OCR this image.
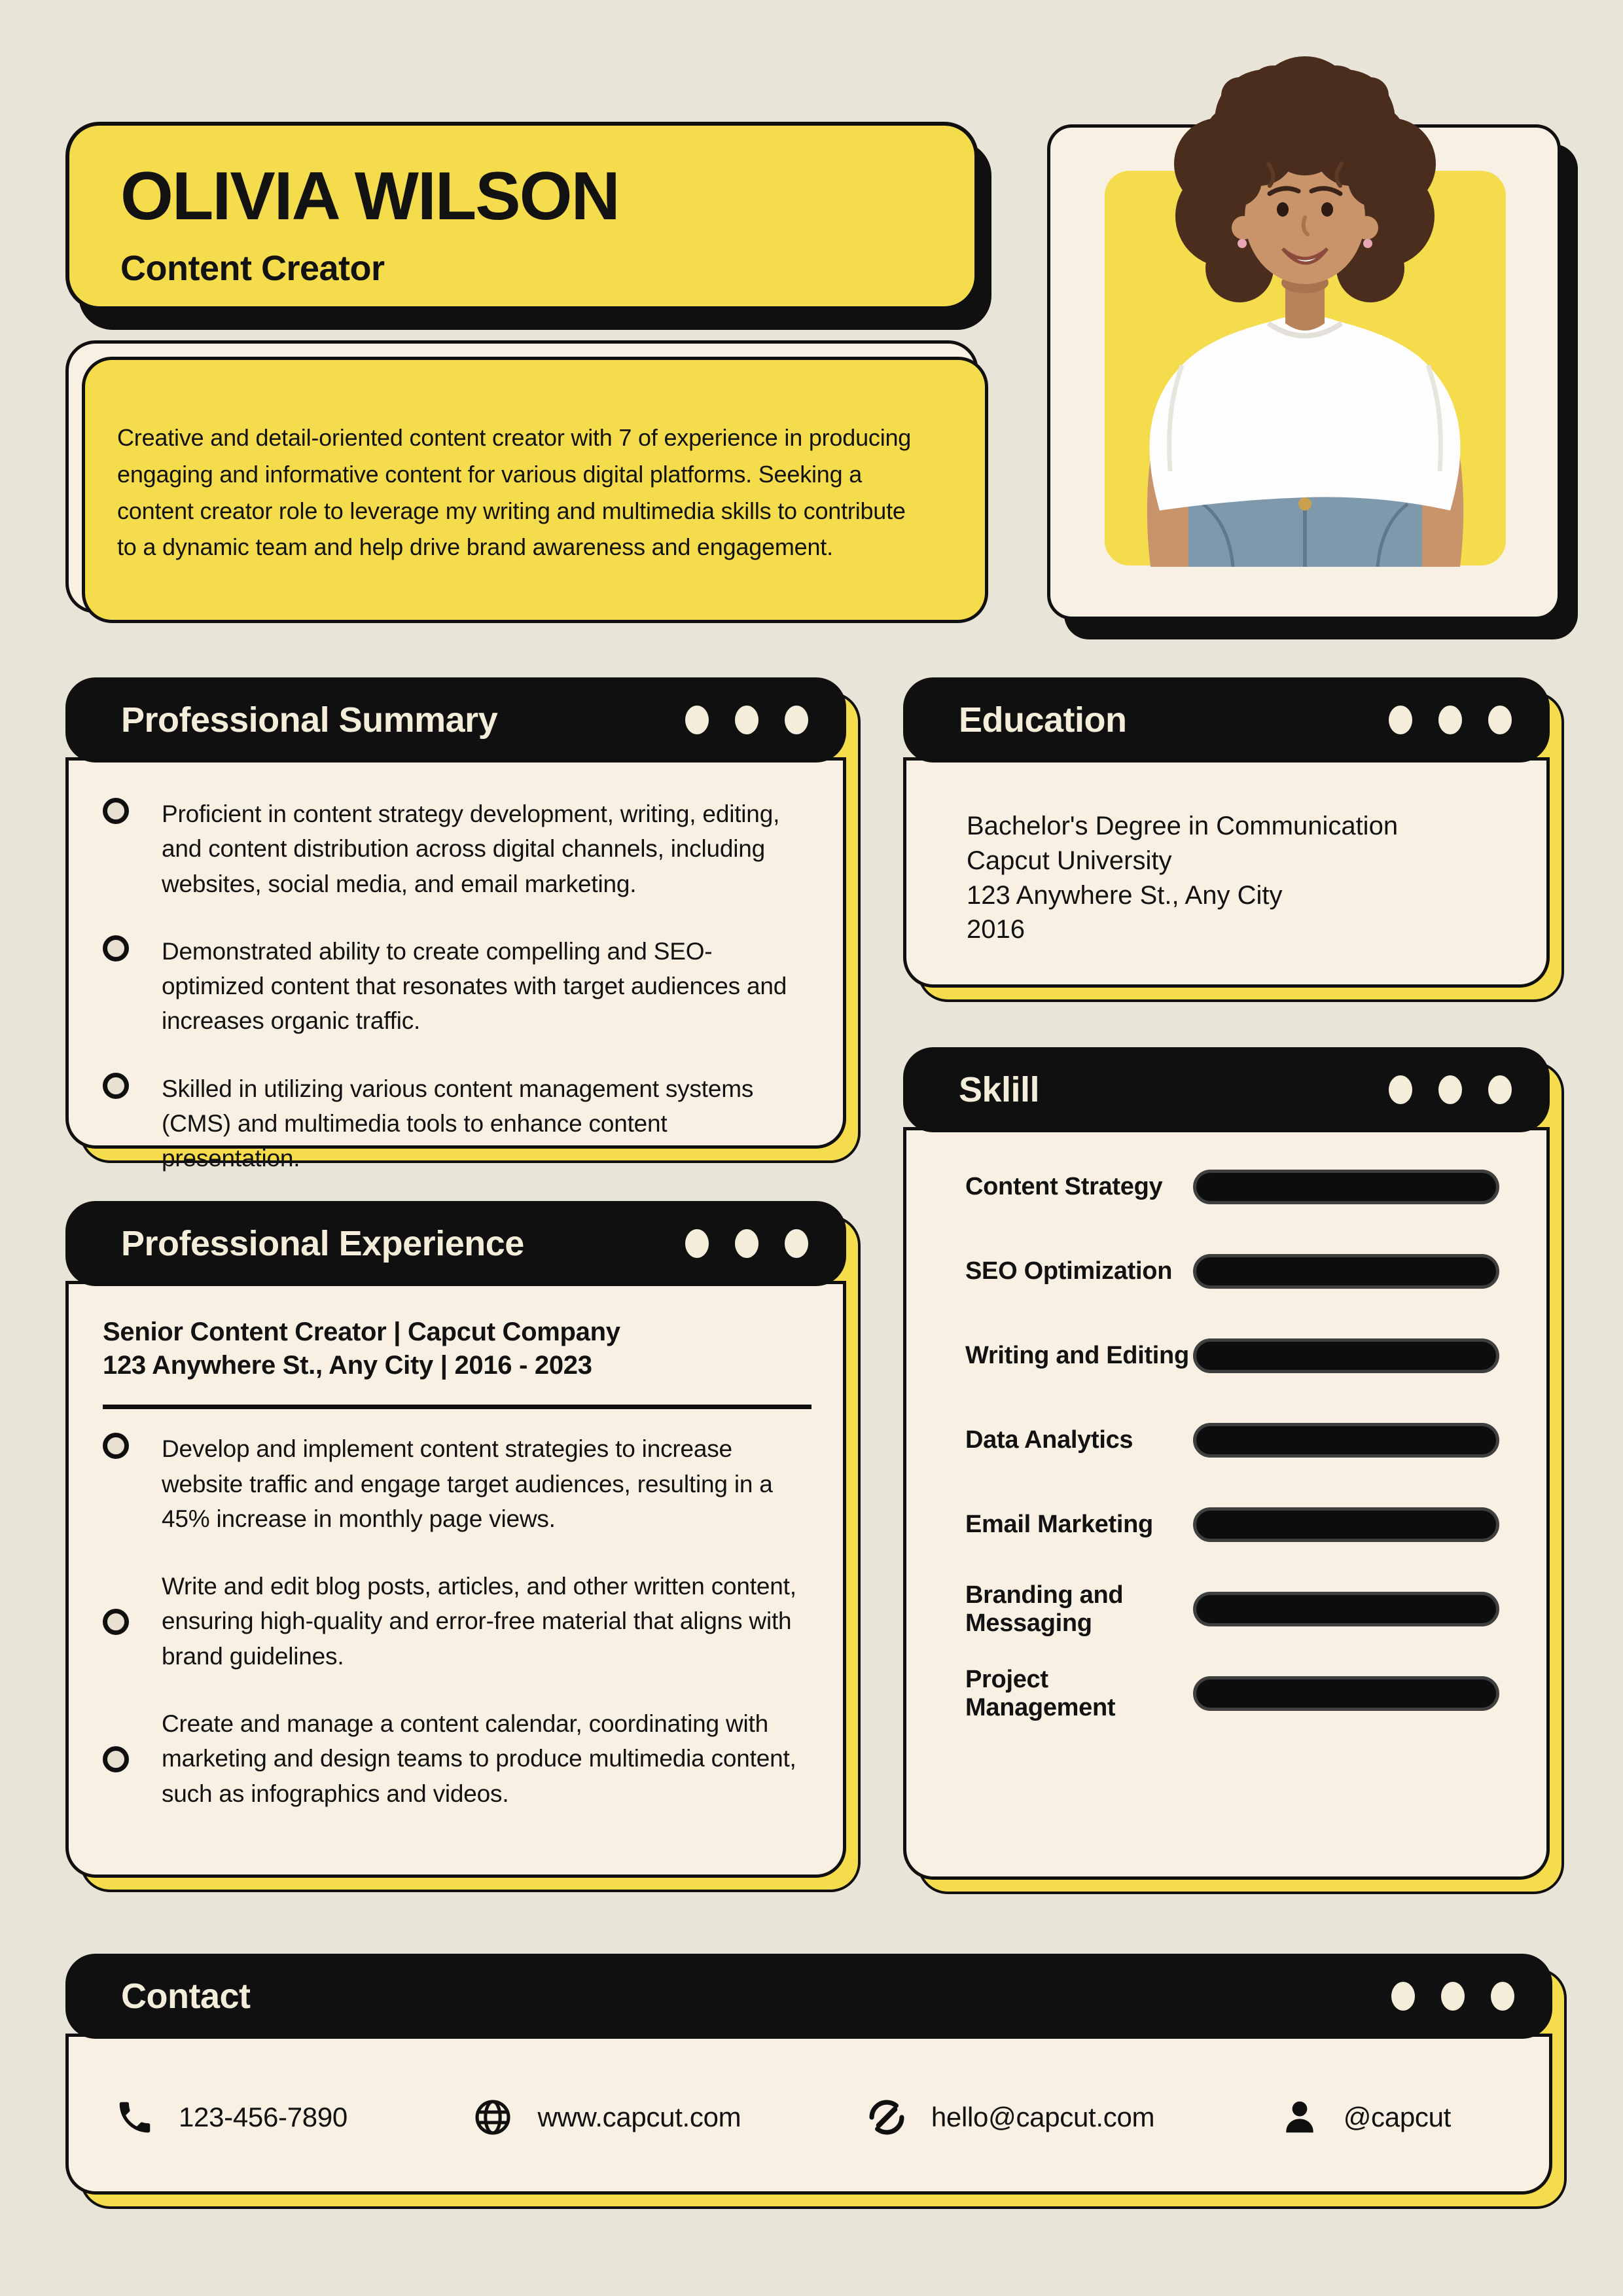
OLIVIA WILSON
Content Creator

Creative and detail-oriented content creator with 7 of experience in producing engaging and informative content for various digital platforms. Seeking a content creator role to leverage my writing and multimedia skills to contribute to a dynamic team and help drive brand awareness and engagement.

Professional Summary
Proficient in content strategy development, writing, editing, and content distribution across digital channels, including websites, social media, and email marketing.
Demonstrated ability to create compelling and SEO-optimized content that resonates with target audiences and increases organic traffic.
Skilled in utilizing various content management systems (CMS) and multimedia tools to enhance content presentation.
Education
Bachelor's Degree in Communication
Capcut University
123 Anywhere St., Any City
2016
Sklill
Content Strategy
SEO Optimization
Writing and Editing
Data Analytics
Email Marketing
Branding and Messaging
Project Management
Professional Experience
Senior Content Creator | Capcut Company
123 Anywhere St., Any City | 2016 - 2023
Develop and implement content strategies to increase website traffic and engage target audiences, resulting in a 45% increase in monthly page views.
Write and edit blog posts, articles, and other written content, ensuring high-quality and error-free material that aligns with brand guidelines.
Create and manage a content calendar, coordinating with marketing and design teams to produce multimedia content, such as infographics and videos.
Contact
123-456-7890	www.capcut.com	hello@capcut.com	@capcut
